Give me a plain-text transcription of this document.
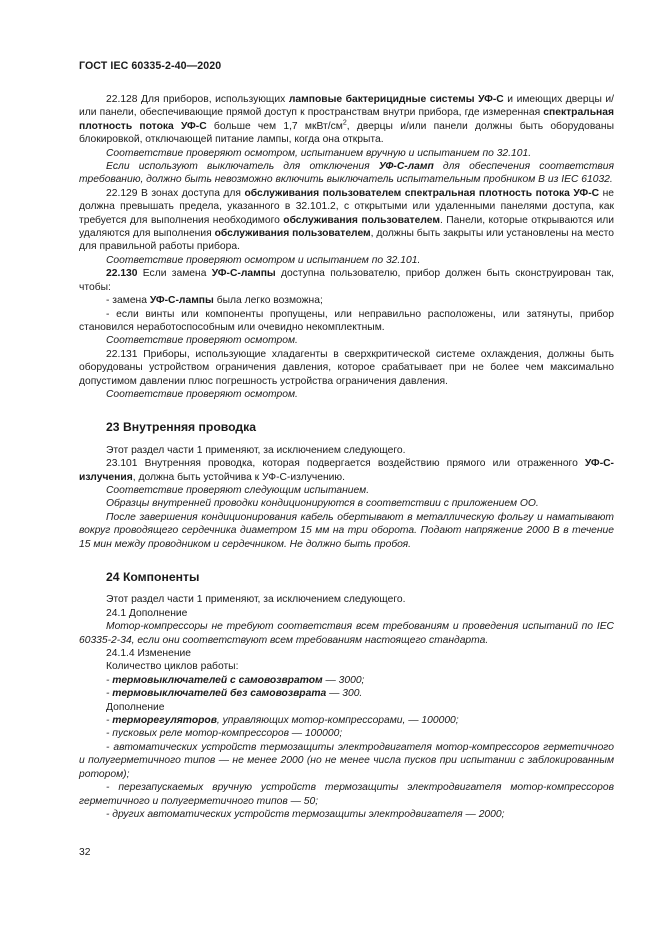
ГОСТ IEC 60335-2-40—2020

22.128 Для приборов, использующих ламповые бактерицидные системы УФ-С и имеющих дверцы и/или панели, обеспечивающие прямой доступ к пространствам внутри прибора, где измеренная спектральная плотность потока УФ-С больше чем 1,7 мкВт/$см^2$, дверцы и/или панели должны быть оборудованы блокировкой, отключающей питание лампы, когда она открыта.

Соответствие проверяют осмотром, испытанием вручную и испытанием по 32.101.

Если используют выключатель для отключения УФ-С-ламп для обеспечения соответствия требованию, должно быть невозможно включить выключатель испытательным пробником В из IEC 61032.

22.129 В зонах доступа для обслуживания пользователем спектральная плотность потока УФ-С не должна превышать предела, указанного в 32.101.2, с открытыми или удаленными панелями доступа, как требуется для выполнения необходимого обслуживания пользователем. Панели, которые открываются или удаляются для выполнения обслуживания пользователем, должны быть закрыты или установлены на место для правильной работы прибора.

Соответствие проверяют осмотром и испытанием по 32.101.

22.130 Если замена УФ-С-лампы доступна пользователю, прибор должен быть сконструирован так, чтобы:

- замена УФ-С-лампы была легко возможна;

- если винты или компоненты пропущены, или неправильно расположены, или затянуты, прибор становился неработоспособным или очевидно некомплектным.

Соответствие проверяют осмотром.

22.131 Приборы, использующие хладагенты в сверхкритической системе охлаждения, должны быть оборудованы устройством ограничения давления, которое срабатывает при не более чем максимально допустимом давлении плюс погрешность устройства ограничения давления.

Соответствие проверяют осмотром.

23 Внутренняя проводка

Этот раздел части 1 применяют, за исключением следующего.

23.101 Внутренняя проводка, которая подвергается воздействию прямого или отраженного УФ-С-излучения, должна быть устойчива к УФ-С-излучению.

Соответствие проверяют следующим испытанием.

Образцы внутренней проводки кондиционируются в соответствии с приложением ОО.

После завершения кондиционирования кабель обертывают в металлическую фольгу и наматывают вокруг проводящего сердечника диаметром 15 мм на три оборота. Подают напряжение 2000 В в течение 15 мин между проводником и сердечником. Не должно быть пробоя.

24 Компоненты

Этот раздел части 1 применяют, за исключением следующего.

24.1 Дополнение

Мотор-компрессоры не требуют соответствия всем требованиям и проведения испытаний по IEC 60335-2-34, если они соответствуют всем требованиям настоящего стандарта.

24.1.4 Изменение

Количество циклов работы:

- термовыключателей с самовозвратом — 3000;

- термовыключателей без самовозврата — 300.

Дополнение

- терморегуляторов, управляющих мотор-компрессорами, — 100000;

- пусковых реле мотор-компрессоров — 100000;

- автоматических устройств термозащиты электродвигателя мотор-компрессоров герметичного и полугерметичного типов — не менее 2000 (но не менее числа пусков при испытании с заблокированным ротором);

- перезапускаемых вручную устройств термозащиты электродвигателя мотор-компрессоров герметичного и полугерметичного типов — 50;

- других автоматических устройств термозащиты электродвигателя — 2000;

32
